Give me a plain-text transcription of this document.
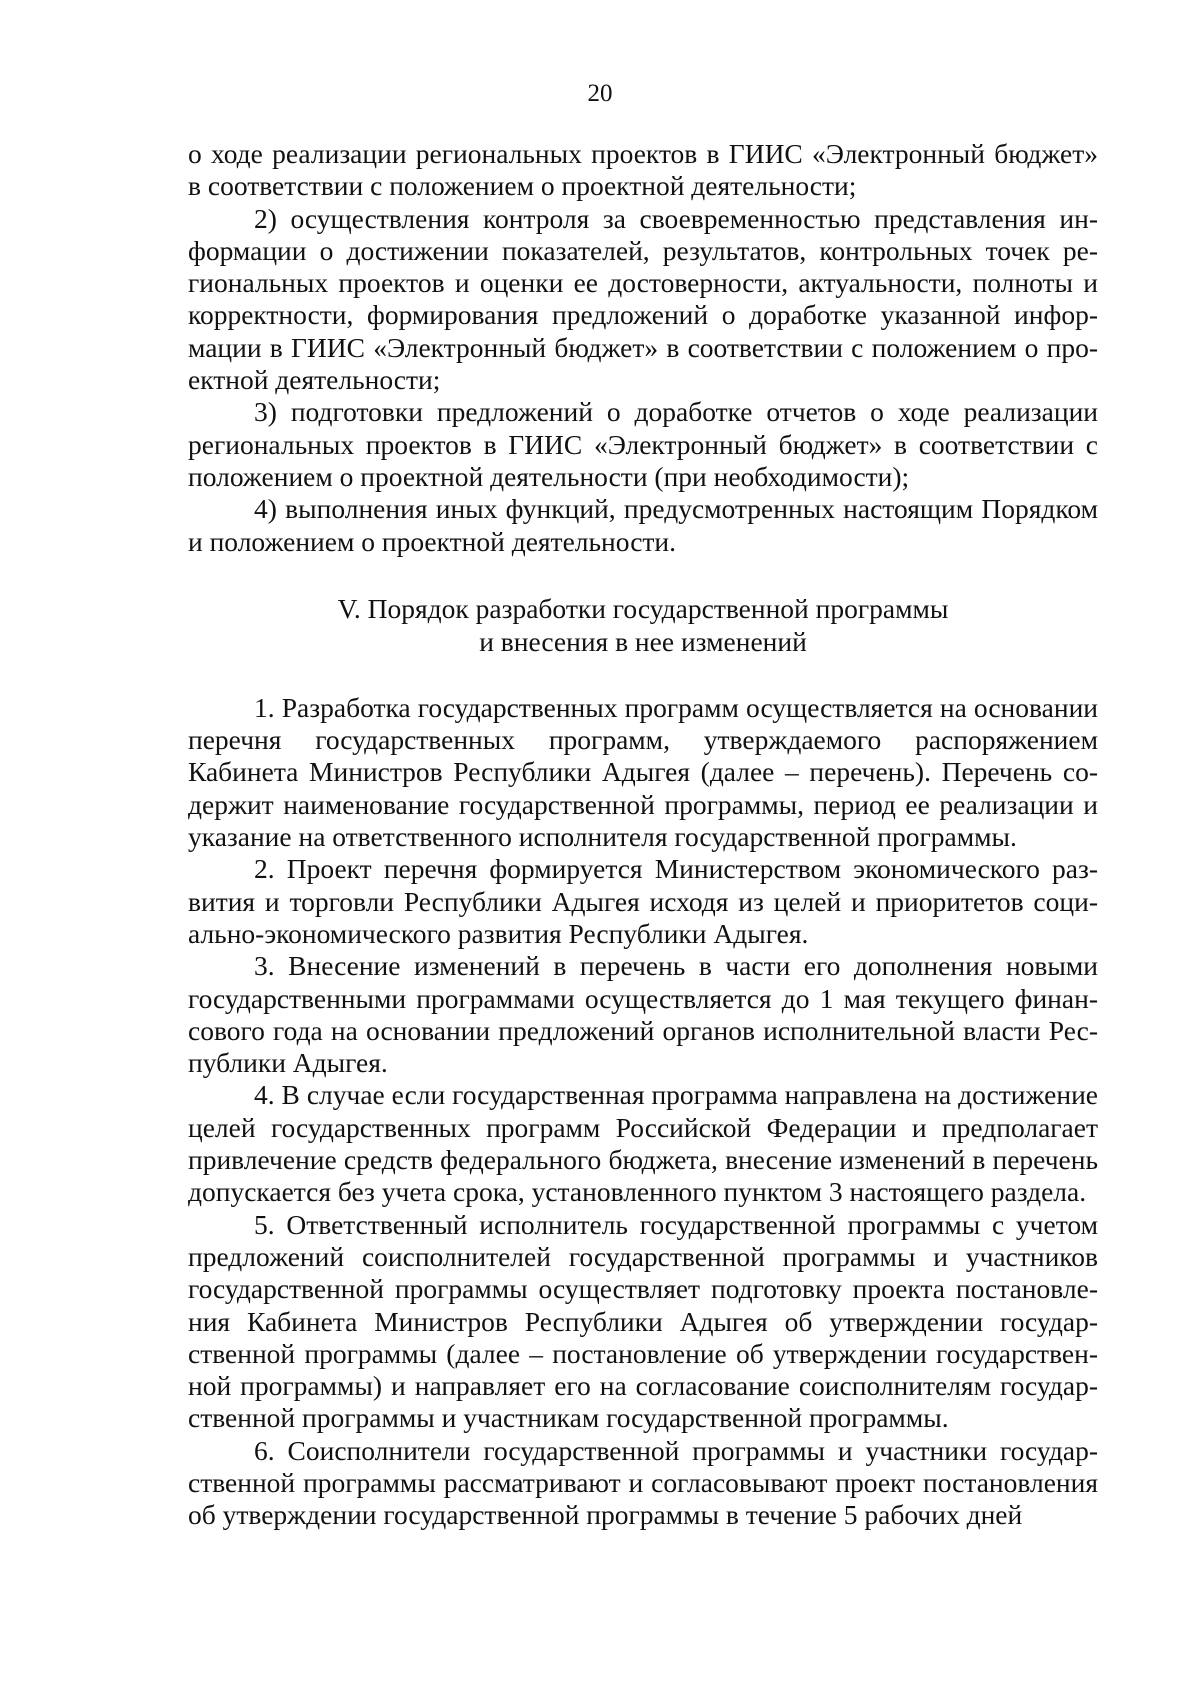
20

о ходе реализации региональных проектов в ГИИС «Электронный бюджет» в соответствии с положением о проектной деятельности;

2) осуществления контроля за своевременностью представления информации о достижении показателей, результатов, контрольных точек региональных проектов и оценки ее достоверности, актуальности, полноты и корректности, формирования предложений о доработке указанной информации в ГИИС «Электронный бюджет» в соответствии с положением о проектной деятельности;

3) подготовки предложений о доработке отчетов о ходе реализации региональных проектов в ГИИС «Электронный бюджет» в соответствии с положением о проектной деятельности (при необходимости);

4) выполнения иных функций, предусмотренных настоящим Порядком и положением о проектной деятельности.

V. Порядок разработки государственной программы
и внесения в нее изменений

1. Разработка государственных программ осуществляется на основании перечня государственных программ, утверждаемого распоряжением Кабинета Министров Республики Адыгея (далее – перечень). Перечень содержит наименование государственной программы, период ее реализации и указание на ответственного исполнителя государственной программы.

2. Проект перечня формируется Министерством экономического развития и торговли Республики Адыгея исходя из целей и приоритетов социально-экономического развития Республики Адыгея.

3. Внесение изменений в перечень в части его дополнения новыми государственными программами осуществляется до 1 мая текущего финансового года на основании предложений органов исполнительной власти Республики Адыгея.

4. В случае если государственная программа направлена на достижение целей государственных программ Российской Федерации и предполагает привлечение средств федерального бюджета, внесение изменений в перечень допускается без учета срока, установленного пунктом 3 настоящего раздела.

5. Ответственный исполнитель государственной программы с учетом предложений соисполнителей государственной программы и участников государственной программы осуществляет подготовку проекта постановления Кабинета Министров Республики Адыгея об утверждении государственной программы (далее – постановление об утверждении государственной программы) и направляет его на согласование соисполнителям государственной программы и участникам государственной программы.

6. Соисполнители государственной программы и участники государственной программы рассматривают и согласовывают проект постановления об утверждении государственной программы в течение 5 рабочих дней
